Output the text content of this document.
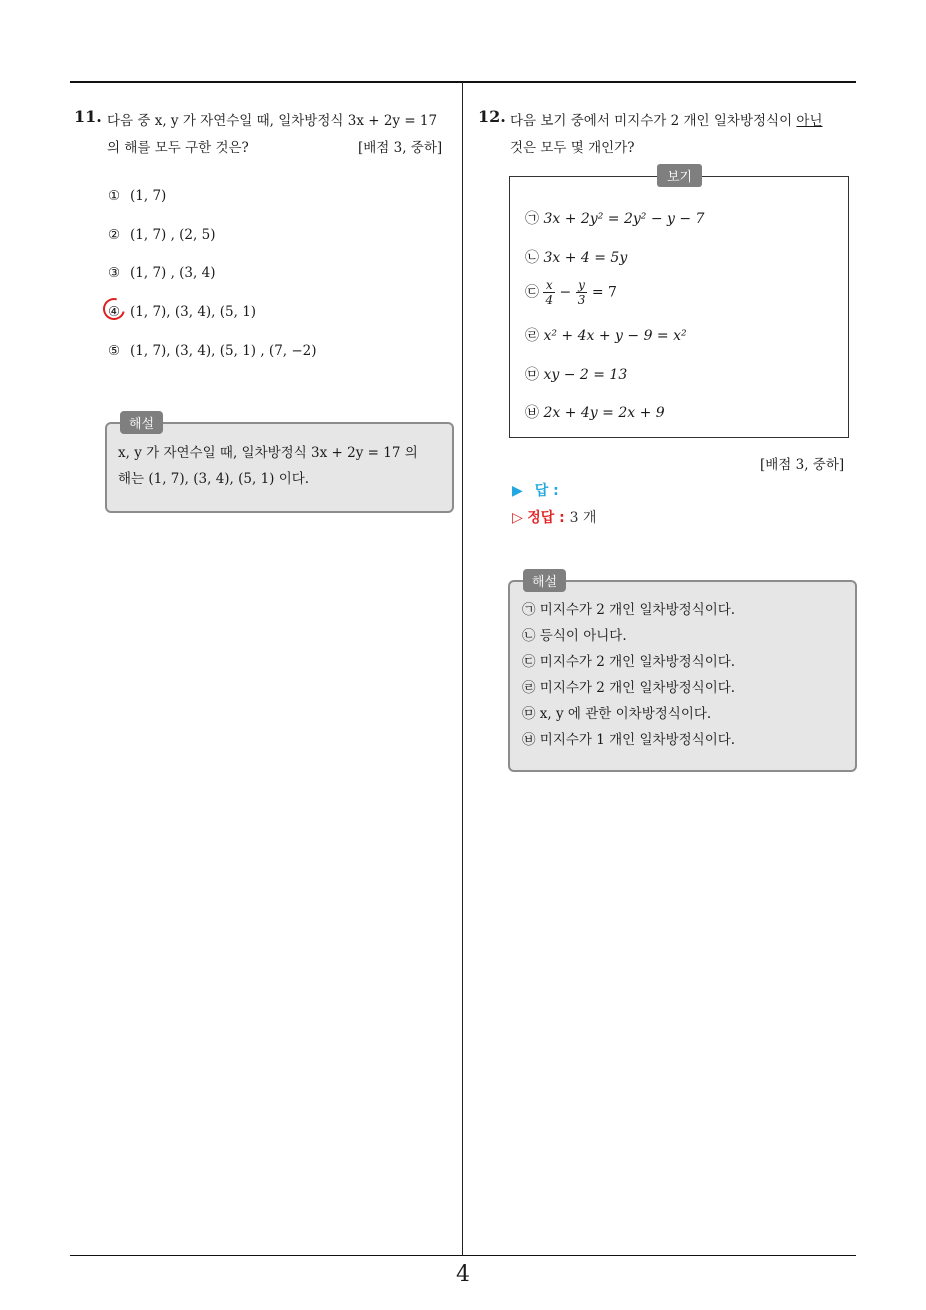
11. 다음 중 x, y 가 자연수일 때, 일차방정식 3x + 2y = 17
의 해를 모두 구한 것은?	[배점 3, 중하]
① (1, 7)
② (1, 7) , (2, 5)
③ (1, 7) , (3, 4)
④ (1, 7), (3, 4), (5, 1)
⑤ (1, 7), (3, 4), (5, 1) , (7, −2)
해설
x, y 가 자연수일 때, 일차방정식 3x + 2y = 17 의
해는 (1, 7), (3, 4), (5, 1) 이다.
12. 다음 보기 중에서 미지수가 2 개인 일차방정식이 아닌
것은 모두 몇 개인가?
보기
㉠ 3x + 2y² = 2y² − y − 7
㉡ 3x + 4 = 5y
㉢ $\frac{x}{4} - \frac{y}{3} = 7$
㉣ x² + 4x + y − 9 = x²
㉤ xy − 2 = 13
㉥ 2x + 4y = 2x + 9
[배점 3, 중하]
▶ 답 :
▷ 정답 : 3 개
해설
㉠ 미지수가 2 개인 일차방정식이다.
㉡ 등식이 아니다.
㉢ 미지수가 2 개인 일차방정식이다.
㉣ 미지수가 2 개인 일차방정식이다.
㉤ x, y 에 관한 이차방정식이다.
㉥ 미지수가 1 개인 일차방정식이다.
4
